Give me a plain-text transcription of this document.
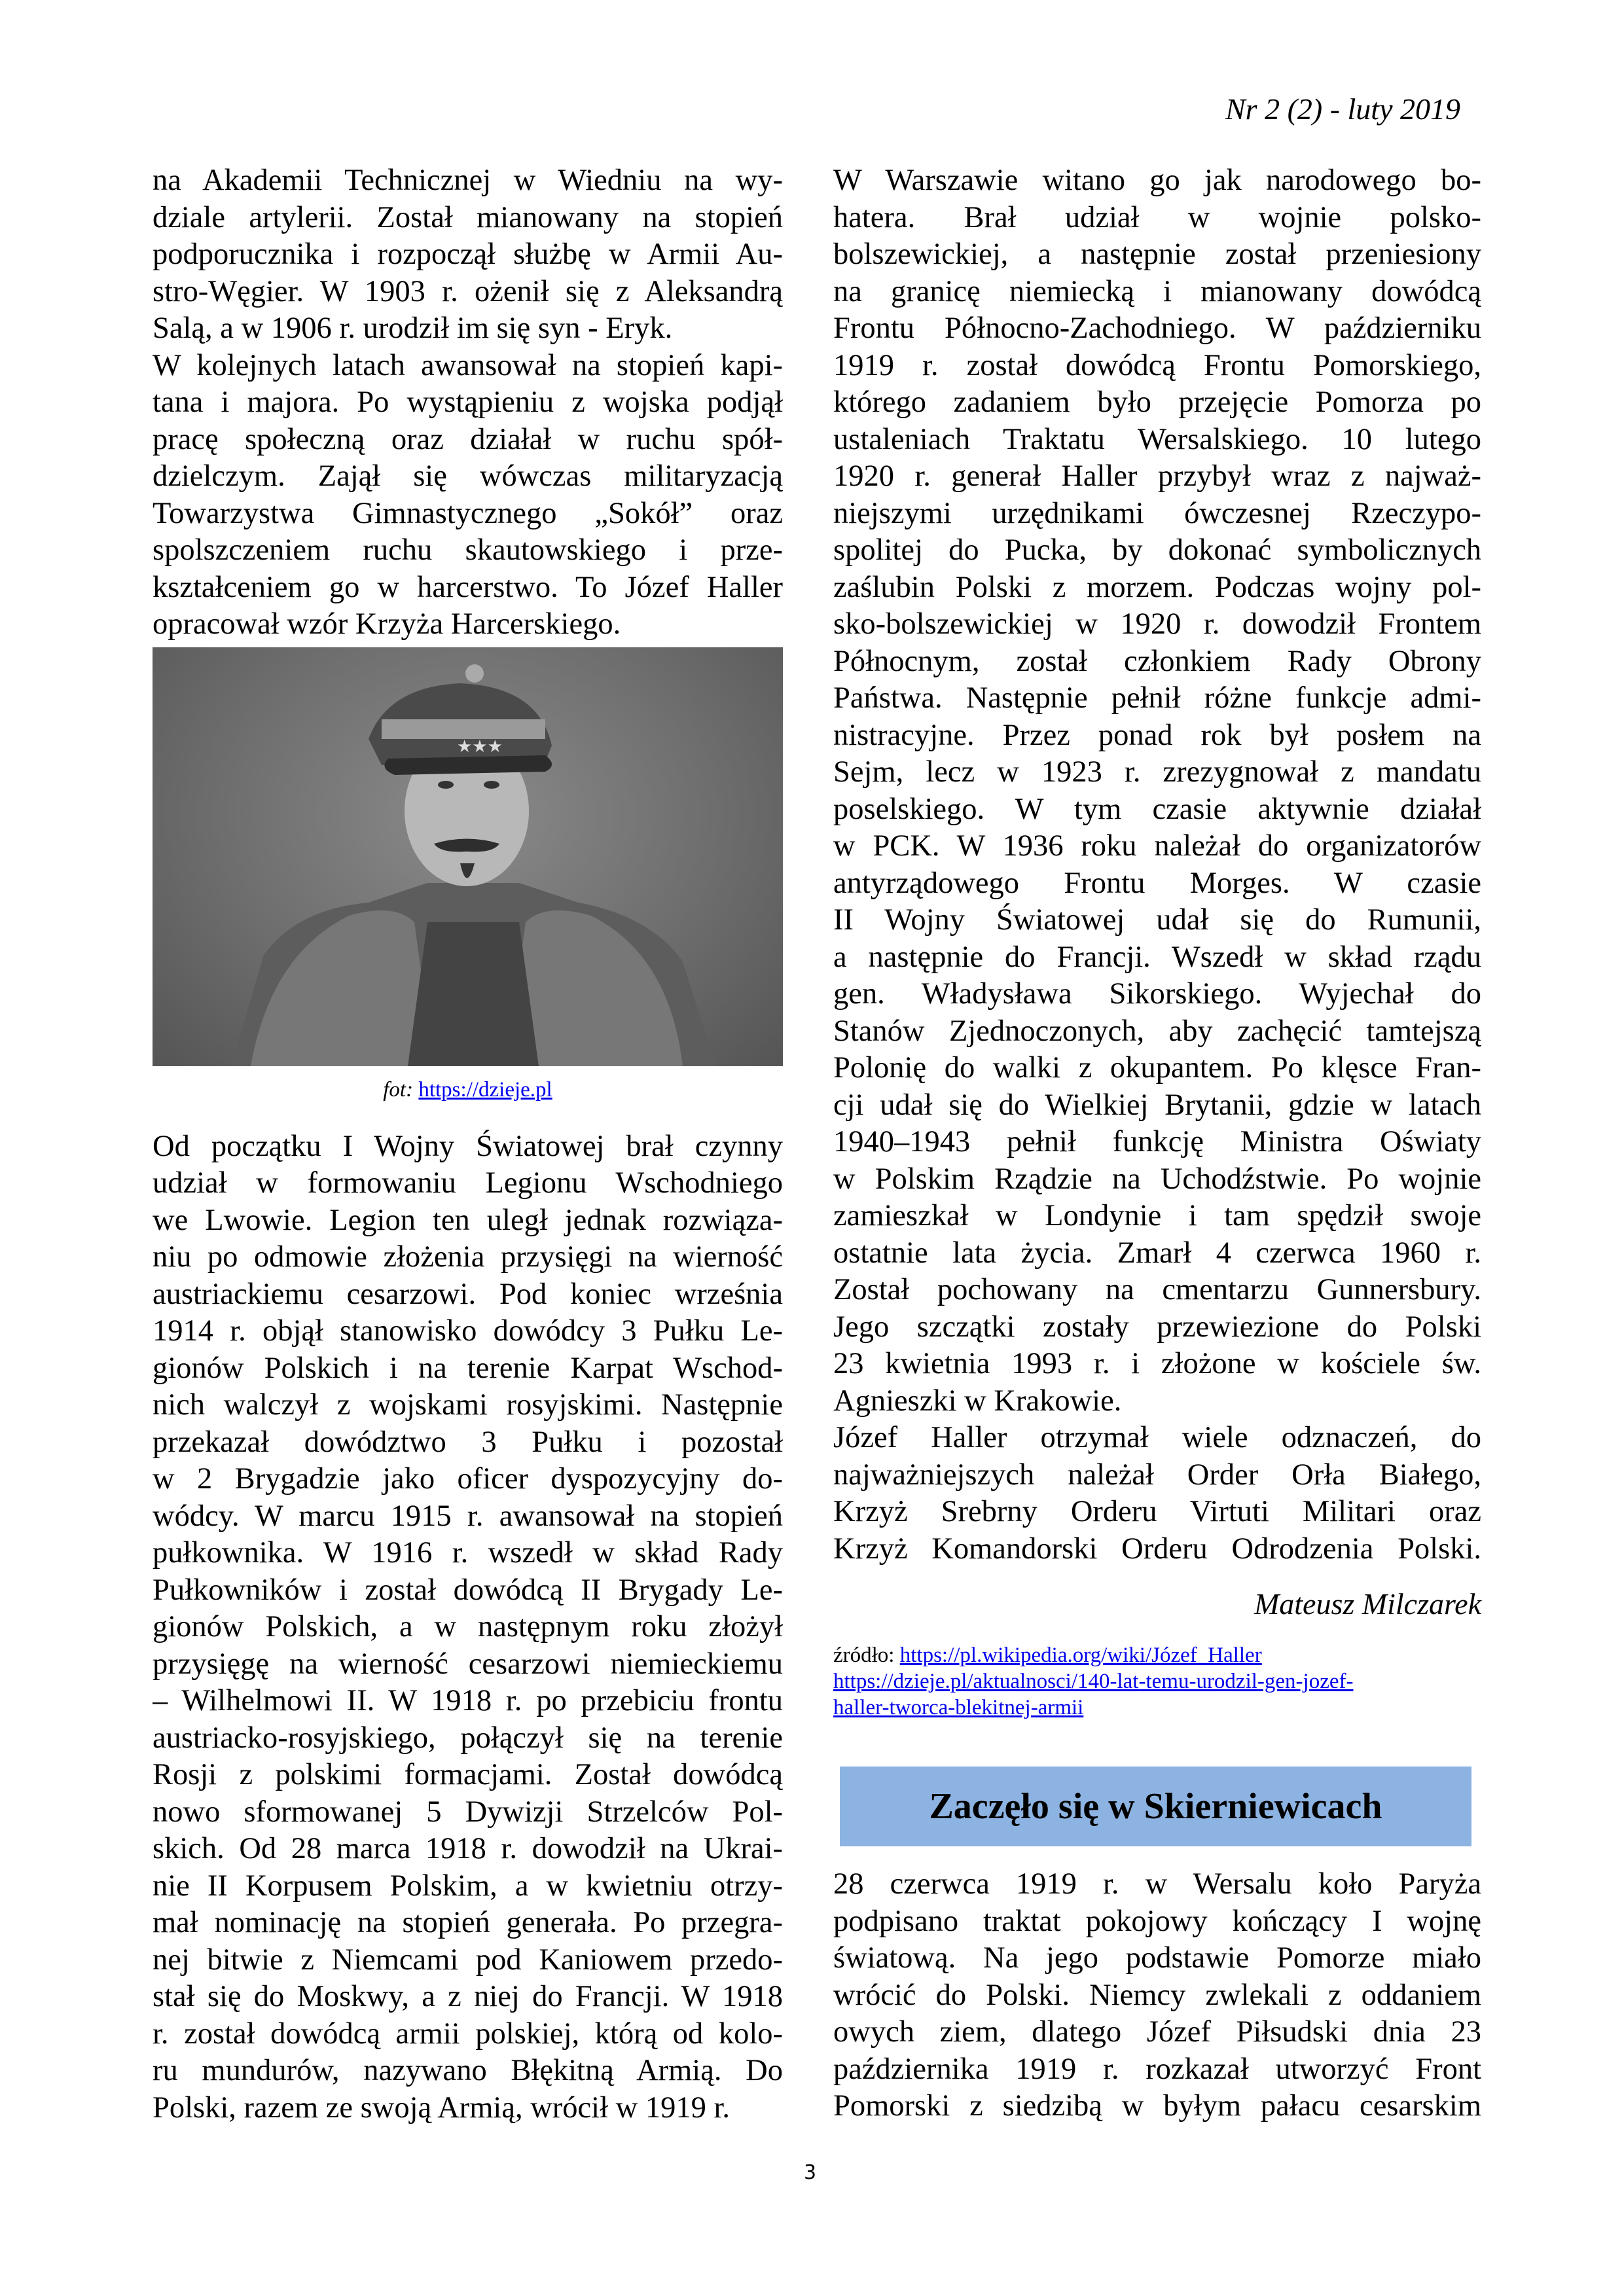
Nr 2 (2) - luty 2019

na Akademii Technicznej w Wiedniu na wy-
dziale artylerii. Został mianowany na stopień
podporucznika i rozpoczął służbę w Armii Au-
stro-Węgier. W 1903 r. ożenił się z Aleksandrą
Salą, a w 1906 r. urodził im się syn - Eryk.

W kolejnych latach awansował na stopień kapi-
tana i majora. Po wystąpieniu z wojska podjął
pracę społeczną oraz działał w ruchu spół-
dzielczym. Zajął się wówczas militaryzacją
Towarzystwa Gimnastycznego „Sokół” oraz
spolszczeniem ruchu skautowskiego i prze-
kształceniem go w harcerstwo. To Józef Haller
opracował wzór Krzyża Harcerskiego.

★★★
fot: https://dzieje.pl

Od początku I Wojny Światowej brał czynny
udział w formowaniu Legionu Wschodniego
we Lwowie. Legion ten uległ jednak rozwiąza-
niu po odmowie złożenia przysięgi na wierność
austriackiemu cesarzowi. Pod koniec września
1914 r. objął stanowisko dowódcy 3 Pułku Le-
gionów Polskich i na terenie Karpat Wschod-
nich walczył z wojskami rosyjskimi. Następnie
przekazał dowództwo 3 Pułku i pozostał
w 2 Brygadzie jako oficer dyspozycyjny do-
wódcy. W marcu 1915 r. awansował na stopień
pułkownika. W 1916 r. wszedł w skład Rady
Pułkowników i został dowódcą II Brygady Le-
gionów Polskich, a w następnym roku złożył
przysięgę na wierność cesarzowi niemieckiemu
– Wilhelmowi II. W 1918 r. po przebiciu frontu
austriacko-rosyjskiego, połączył się na terenie
Rosji z polskimi formacjami. Został dowódcą
nowo sformowanej 5 Dywizji Strzelców Pol-
skich. Od 28 marca 1918 r. dowodził na Ukrai-
nie II Korpusem Polskim, a w kwietniu otrzy-
mał nominację na stopień generała. Po przegra-
nej bitwie z Niemcami pod Kaniowem przedo-
stał się do Moskwy, a z niej do Francji. W 1918
r. został dowódcą armii polskiej, którą od kolo-
ru mundurów, nazywano Błękitną Armią. Do
Polski, razem ze swoją Armią, wrócił w 1919 r.

W Warszawie witano go jak narodowego bo-
hatera. Brał udział w wojnie polsko-
bolszewickiej, a następnie został przeniesiony
na granicę niemiecką i mianowany dowódcą
Frontu Północno-Zachodniego. W październiku
1919 r. został dowódcą Frontu Pomorskiego,
którego zadaniem było przejęcie Pomorza po
ustaleniach Traktatu Wersalskiego. 10 lutego
1920 r. generał Haller przybył wraz z najważ-
niejszymi urzędnikami ówczesnej Rzeczypo-
spolitej do Pucka, by dokonać symbolicznych
zaślubin Polski z morzem. Podczas wojny pol-
sko-bolszewickiej w 1920 r. dowodził Frontem
Północnym, został członkiem Rady Obrony
Państwa. Następnie pełnił różne funkcje admi-
nistracyjne. Przez ponad rok był posłem na
Sejm, lecz w 1923 r. zrezygnował z mandatu
poselskiego. W tym czasie aktywnie działał
w PCK. W 1936 roku należał do organizatorów
antyrządowego Frontu Morges. W czasie
II Wojny Światowej udał się do Rumunii,
a następnie do Francji. Wszedł w skład rządu
gen. Władysława Sikorskiego. Wyjechał do
Stanów Zjednoczonych, aby zachęcić tamtejszą
Polonię do walki z okupantem. Po klęsce Fran-
cji udał się do Wielkiej Brytanii, gdzie w latach
1940–1943 pełnił funkcję Ministra Oświaty
w Polskim Rządzie na Uchodźstwie. Po wojnie
zamieszkał w Londynie i tam spędził swoje
ostatnie lata życia. Zmarł 4 czerwca 1960 r.
Został pochowany na cmentarzu Gunnersbury.
Jego szczątki zostały przewiezione do Polski
23 kwietnia 1993 r. i złożone w kościele św.
Agnieszki w Krakowie.

Józef Haller otrzymał wiele odznaczeń, do
najważniejszych należał Order Orła Białego,
Krzyż Srebrny Orderu Virtuti Militari oraz
Krzyż Komandorski Orderu Odrodzenia Polski.

Mateusz Milczarek
źródło: https://pl.wikipedia.org/wiki/Józef_Haller
https://dzieje.pl/aktualnosci/140-lat-temu-urodzil-gen-jozef-
haller-tworca-blekitnej-armii
Zaczęło się w Skierniewicach

28 czerwca 1919 r. w Wersalu koło Paryża
podpisano traktat pokojowy kończący I wojnę
światową. Na jego podstawie Pomorze miało
wrócić do Polski. Niemcy zwlekali z oddaniem
owych ziem, dlatego Józef Piłsudski dnia 23
października 1919 r. rozkazał utworzyć Front
Pomorski z siedzibą w byłym pałacu cesarskim

3
